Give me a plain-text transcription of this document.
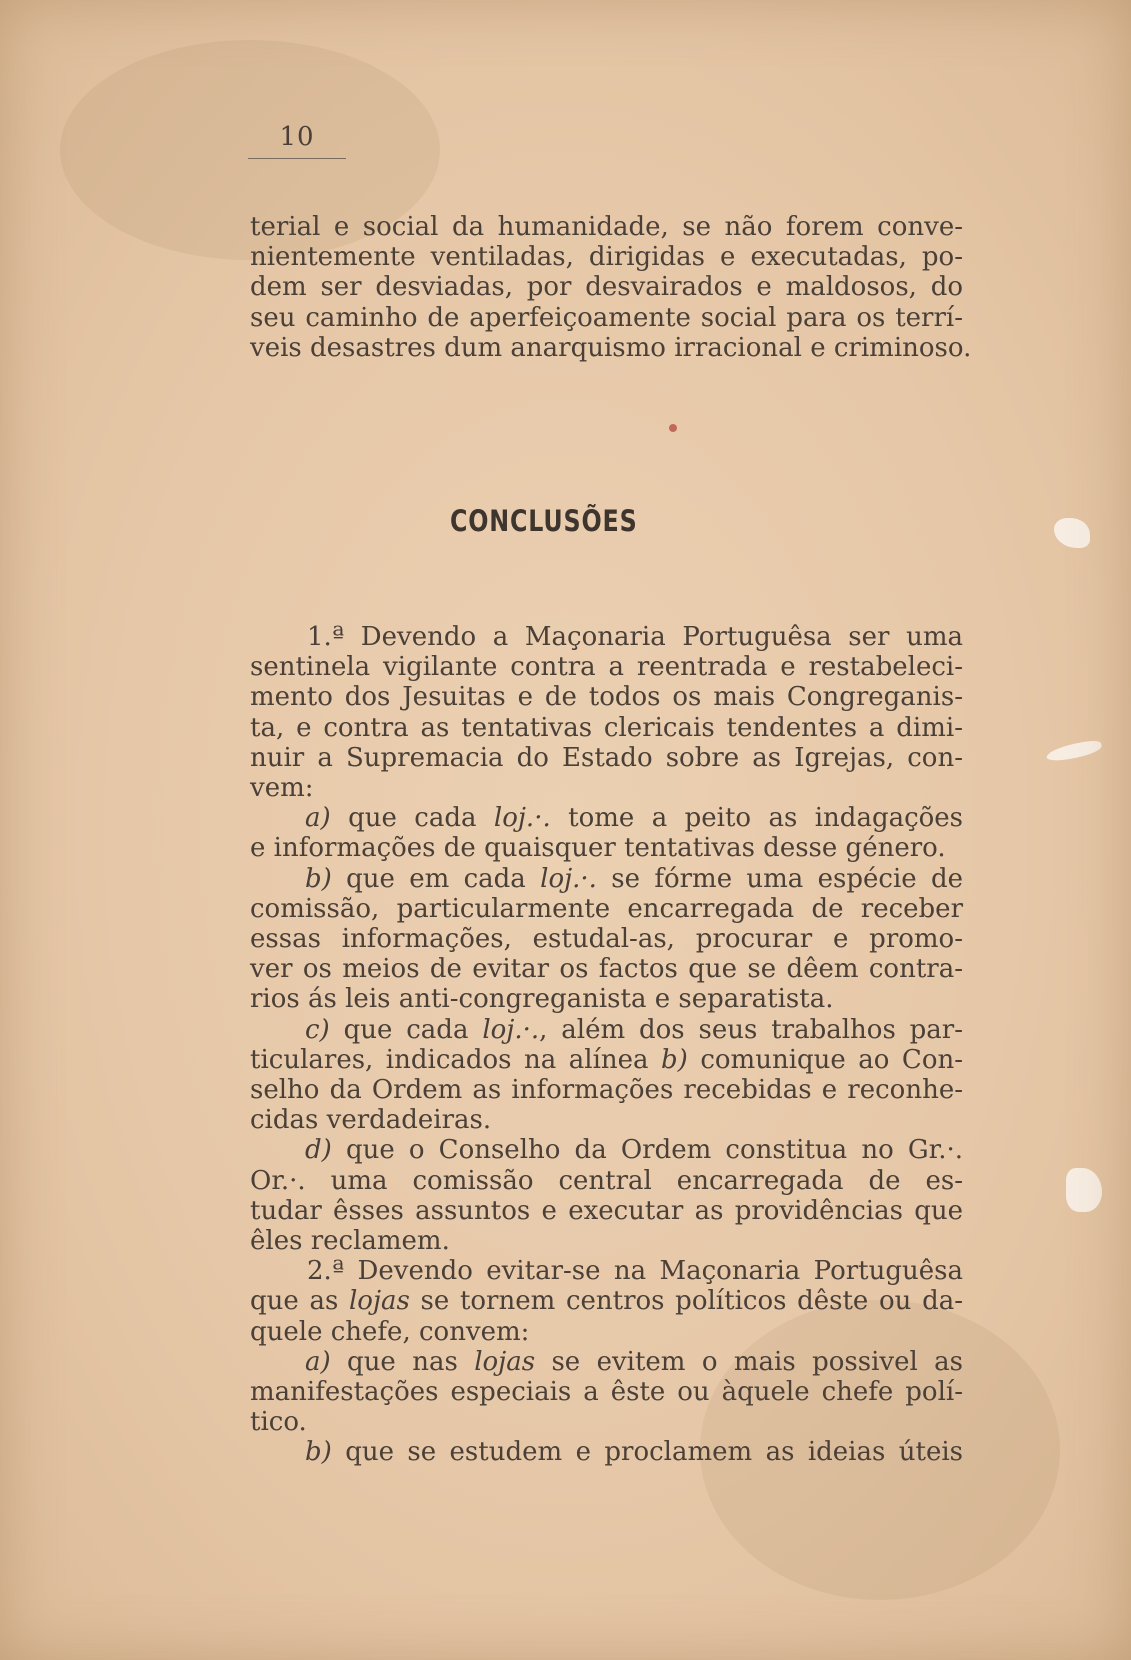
10
terial e social da humanidade, se não forem conve-
nientemente ventiladas, dirigidas e executadas, po-
dem ser desviadas, por desvairados e maldosos, do
seu caminho de aperfeiçoamente social para os terrí-
veis desastres dum anarquismo irracional e criminoso.
CONCLUSÕES
1.ª Devendo a Maçonaria Portuguêsa ser uma
sentinela vigilante contra a reentrada e restabeleci-
mento dos Jesuitas e de todos os mais Congreganis-
ta, e contra as tentativas clericais tendentes a dimi-
nuir a Supremacia do Estado sobre as Igrejas, con-
vem:
a) que cada loj.·. tome a peito as indagações
e informações de quaisquer tentativas desse género.
b) que em cada loj.·. se fórme uma espécie de
comissão, particularmente encarregada de receber
essas informações, estudal-as, procurar e promo-
ver os meios de evitar os factos que se dêem contra-
rios ás leis anti-congreganista e separatista.
c) que cada loj.·., além dos seus trabalhos par-
ticulares, indicados na alínea b) comunique ao Con-
selho da Ordem as informações recebidas e reconhe-
cidas verdadeiras.
d) que o Conselho da Ordem constitua no Gr.·.
Or.·. uma comissão central encarregada de es-
tudar êsses assuntos e executar as providências que
êles reclamem.
2.ª Devendo evitar-se na Maçonaria Portuguêsa
que as lojas se tornem centros políticos dêste ou da-
quele chefe, convem:
a) que nas lojas se evitem o mais possivel as
manifestações especiais a êste ou àquele chefe polí-
tico.
b) que se estudem e proclamem as ideias úteis
